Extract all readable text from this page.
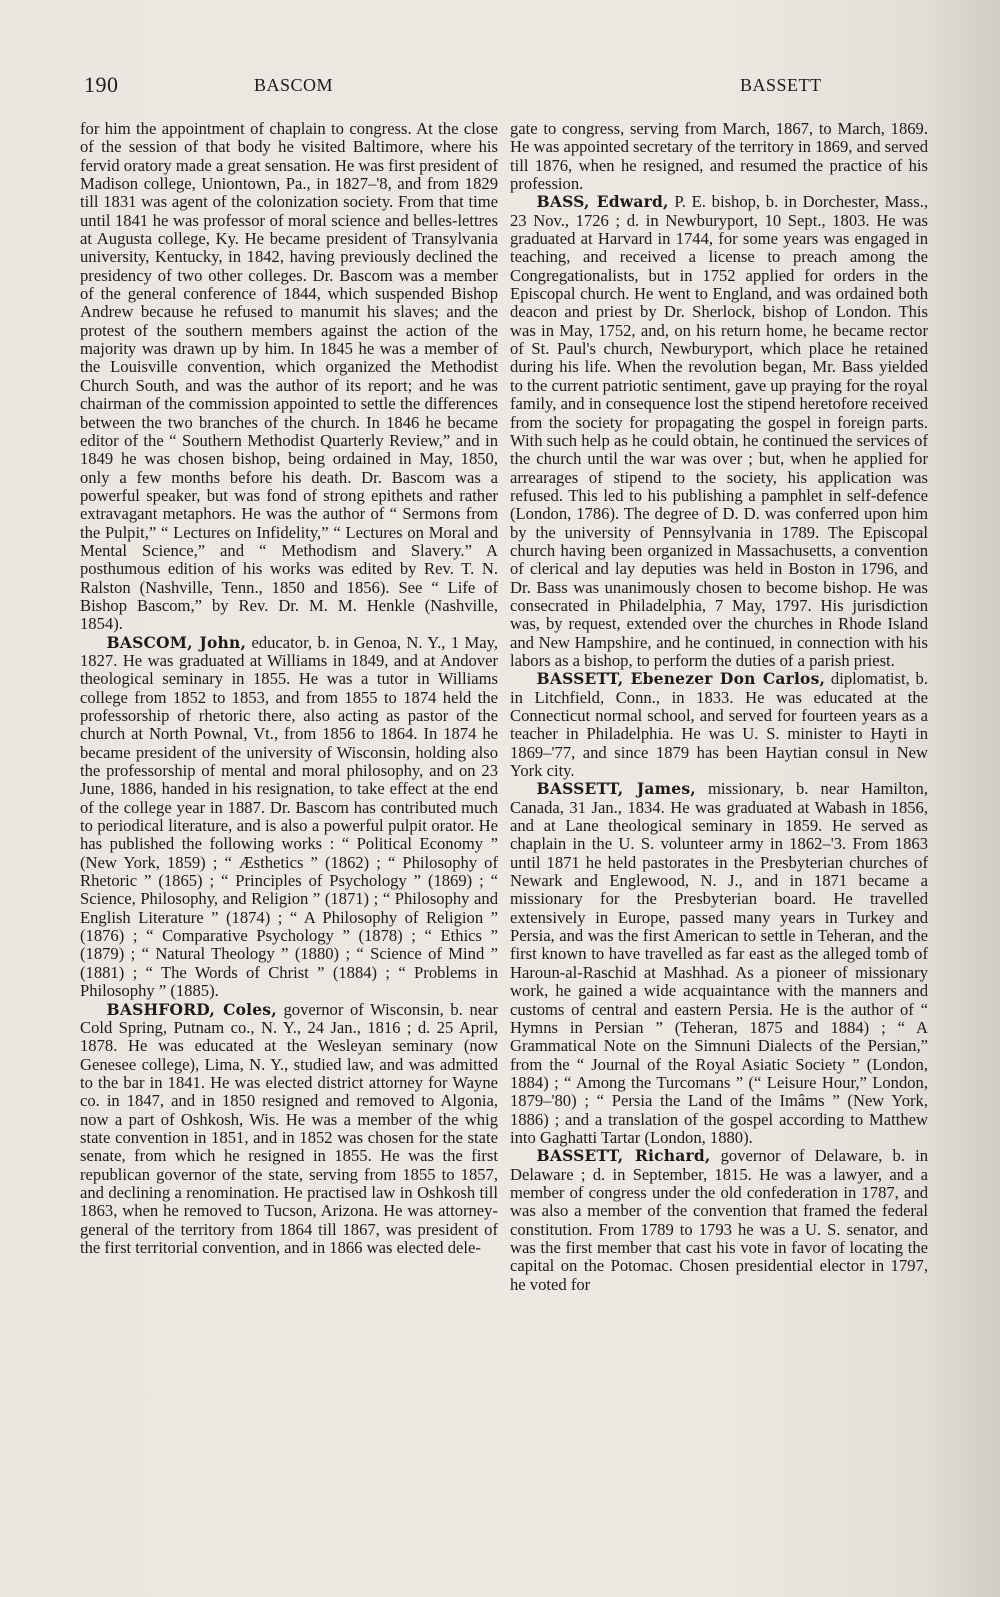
190	BASCOM	BASSETT

for him the appointment of chaplain to congress. At the close of the session of that body he visited Baltimore, where his fervid oratory made a great sensation. He was first president of Madison college, Uniontown, Pa., in 1827–'8, and from 1829 till 1831 was agent of the colonization society. From that time until 1841 he was professor of moral science and belles-lettres at Augusta college, Ky. He became president of Transylvania university, Kentucky, in 1842, having previously declined the presidency of two other colleges. Dr. Bascom was a member of the general conference of 1844, which suspended Bishop Andrew because he refused to manumit his slaves; and the protest of the southern members against the action of the majority was drawn up by him. In 1845 he was a member of the Louisville convention, which organized the Methodist Church South, and was the author of its report; and he was chairman of the commission appointed to settle the differences between the two branches of the church. In 1846 he became editor of the “ Southern Methodist Quarterly Review,” and in 1849 he was chosen bishop, being ordained in May, 1850, only a few months before his death. Dr. Bascom was a powerful speaker, but was fond of strong epithets and rather extravagant metaphors. He was the author of “ Sermons from the Pulpit,” “ Lectures on Infidelity,” “ Lectures on Moral and Mental Science,” and “ Methodism and Slavery.” A posthumous edition of his works was edited by Rev. T. N. Ralston (Nashville, Tenn., 1850 and 1856). See “ Life of Bishop Bascom,” by Rev. Dr. M. M. Henkle (Nashville, 1854).

BASCOM, John, educator, b. in Genoa, N. Y., 1 May, 1827. He was graduated at Williams in 1849, and at Andover theological seminary in 1855. He was a tutor in Williams college from 1852 to 1853, and from 1855 to 1874 held the professorship of rhetoric there, also acting as pastor of the church at North Pownal, Vt., from 1856 to 1864. In 1874 he became president of the university of Wisconsin, holding also the professorship of mental and moral philosophy, and on 23 June, 1886, handed in his resignation, to take effect at the end of the college year in 1887. Dr. Bascom has contributed much to periodical literature, and is also a powerful pulpit orator. He has published the following works : “ Political Economy ” (New York, 1859) ; “ Æsthetics ” (1862) ; “ Philosophy of Rhetoric ” (1865) ; “ Principles of Psychology ” (1869) ; “ Science, Philosophy, and Religion ” (1871) ; “ Philosophy and English Literature ” (1874) ; “ A Philosophy of Religion ” (1876) ; “ Comparative Psychology ” (1878) ; “ Ethics ” (1879) ; “ Natural Theology ” (1880) ; “ Science of Mind ” (1881) ; “ The Words of Christ ” (1884) ; “ Problems in Philosophy ” (1885).

BASHFORD, Coles, governor of Wisconsin, b. near Cold Spring, Putnam co., N. Y., 24 Jan., 1816 ; d. 25 April, 1878. He was educated at the Wesleyan seminary (now Genesee college), Lima, N. Y., studied law, and was admitted to the bar in 1841. He was elected district attorney for Wayne co. in 1847, and in 1850 resigned and removed to Algonia, now a part of Oshkosh, Wis. He was a member of the whig state convention in 1851, and in 1852 was chosen for the state senate, from which he resigned in 1855. He was the first republican governor of the state, serving from 1855 to 1857, and declining a renomination. He practised law in Oshkosh till 1863, when he removed to Tucson, Arizona. He was attorney-general of the territory from 1864 till 1867, was president of the first territorial convention, and in 1866 was elected dele-

gate to congress, serving from March, 1867, to March, 1869. He was appointed secretary of the territory in 1869, and served till 1876, when he resigned, and resumed the practice of his profession.

BASS, Edward, P. E. bishop, b. in Dorchester, Mass., 23 Nov., 1726 ; d. in Newburyport, 10 Sept., 1803. He was graduated at Harvard in 1744, for some years was engaged in teaching, and received a license to preach among the Congregationalists, but in 1752 applied for orders in the Episcopal church. He went to England, and was ordained both deacon and priest by Dr. Sherlock, bishop of London. This was in May, 1752, and, on his return home, he became rector of St. Paul's church, Newburyport, which place he retained during his life. When the revolution began, Mr. Bass yielded to the current patriotic sentiment, gave up praying for the royal family, and in consequence lost the stipend heretofore received from the society for propagating the gospel in foreign parts. With such help as he could obtain, he continued the services of the church until the war was over ; but, when he applied for arrearages of stipend to the society, his application was refused. This led to his publishing a pamphlet in self-defence (London, 1786). The degree of D. D. was conferred upon him by the university of Pennsylvania in 1789. The Episcopal church having been organized in Massachusetts, a convention of clerical and lay deputies was held in Boston in 1796, and Dr. Bass was unanimously chosen to become bishop. He was consecrated in Philadelphia, 7 May, 1797. His jurisdiction was, by request, extended over the churches in Rhode Island and New Hampshire, and he continued, in connection with his labors as a bishop, to perform the duties of a parish priest.

BASSETT, Ebenezer Don Carlos, diplomatist, b. in Litchfield, Conn., in 1833. He was educated at the Connecticut normal school, and served for fourteen years as a teacher in Philadelphia. He was U. S. minister to Hayti in 1869–'77, and since 1879 has been Haytian consul in New York city.

BASSETT, James, missionary, b. near Hamilton, Canada, 31 Jan., 1834. He was graduated at Wabash in 1856, and at Lane theological seminary in 1859. He served as chaplain in the U. S. volunteer army in 1862–'3. From 1863 until 1871 he held pastorates in the Presbyterian churches of Newark and Englewood, N. J., and in 1871 became a missionary for the Presbyterian board. He travelled extensively in Europe, passed many years in Turkey and Persia, and was the first American to settle in Teheran, and the first known to have travelled as far east as the alleged tomb of Haroun-al-Raschid at Mashhad. As a pioneer of missionary work, he gained a wide acquaintance with the manners and customs of central and eastern Persia. He is the author of “ Hymns in Persian ” (Teheran, 1875 and 1884) ; “ A Grammatical Note on the Simnuni Dialects of the Persian,” from the “ Journal of the Royal Asiatic Society ” (London, 1884) ; “ Among the Turcomans ” (“ Leisure Hour,” London, 1879–'80) ; “ Persia the Land of the Imâms ” (New York, 1886) ; and a translation of the gospel according to Matthew into Gaghatti Tartar (London, 1880).

BASSETT, Richard, governor of Delaware, b. in Delaware ; d. in September, 1815. He was a lawyer, and a member of congress under the old confederation in 1787, and was also a member of the convention that framed the federal constitution. From 1789 to 1793 he was a U. S. senator, and was the first member that cast his vote in favor of locating the capital on the Potomac. Chosen presidential elector in 1797, he voted for
